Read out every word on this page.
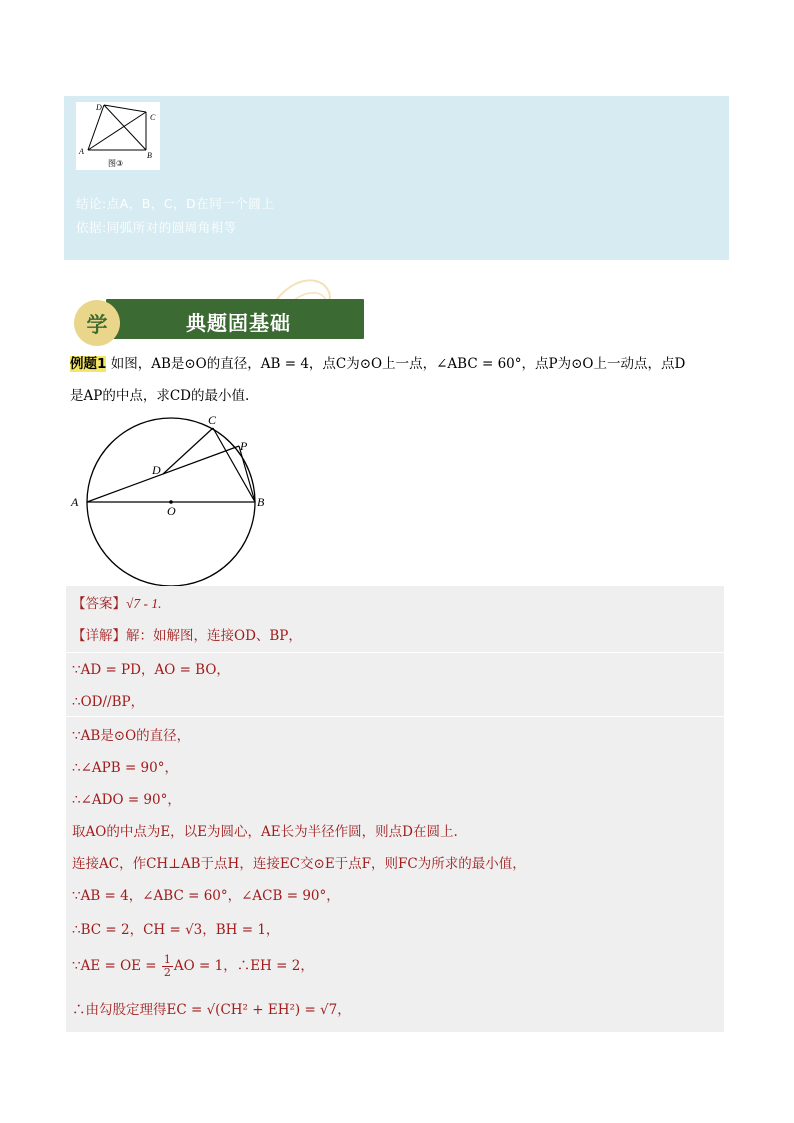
A	B
C
D
图③
结论:点A，B，C，D在同一个圆上
依据:同弧所对的圆周角相等
典题固基础
学
例题1 如图，AB是⊙O的直径，AB = 4，点C为⊙O上一点，∠ABC = 60°，点P为⊙O上一动点，点D
是AP的中点，求CD的最小值.
A	B
C
D
O
P
【答案】√7 - 1.
【详解】解：如解图，连接OD、BP，
∵AD = PD，AO = BO，
∴OD//BP，
∵AB是⊙O的直径，
∴∠APB = 90°，
∴∠ADO = 90°，
取AO的中点为E，以E为圆心，AE长为半径作圆，则点D在圆上.
连接AC，作CH⊥AB于点H，连接EC交⊙E于点F，则FC为所求的最小值，
∵AB = 4，∠ABC = 60°，∠ACB = 90°，
∴BC = 2，CH = √3，BH = 1，
∵AE = OE = $\frac{1}{2}$ AO = 1，∴EH = 2，
∴由勾股定理得EC = √(CH² + EH²) = √7，
